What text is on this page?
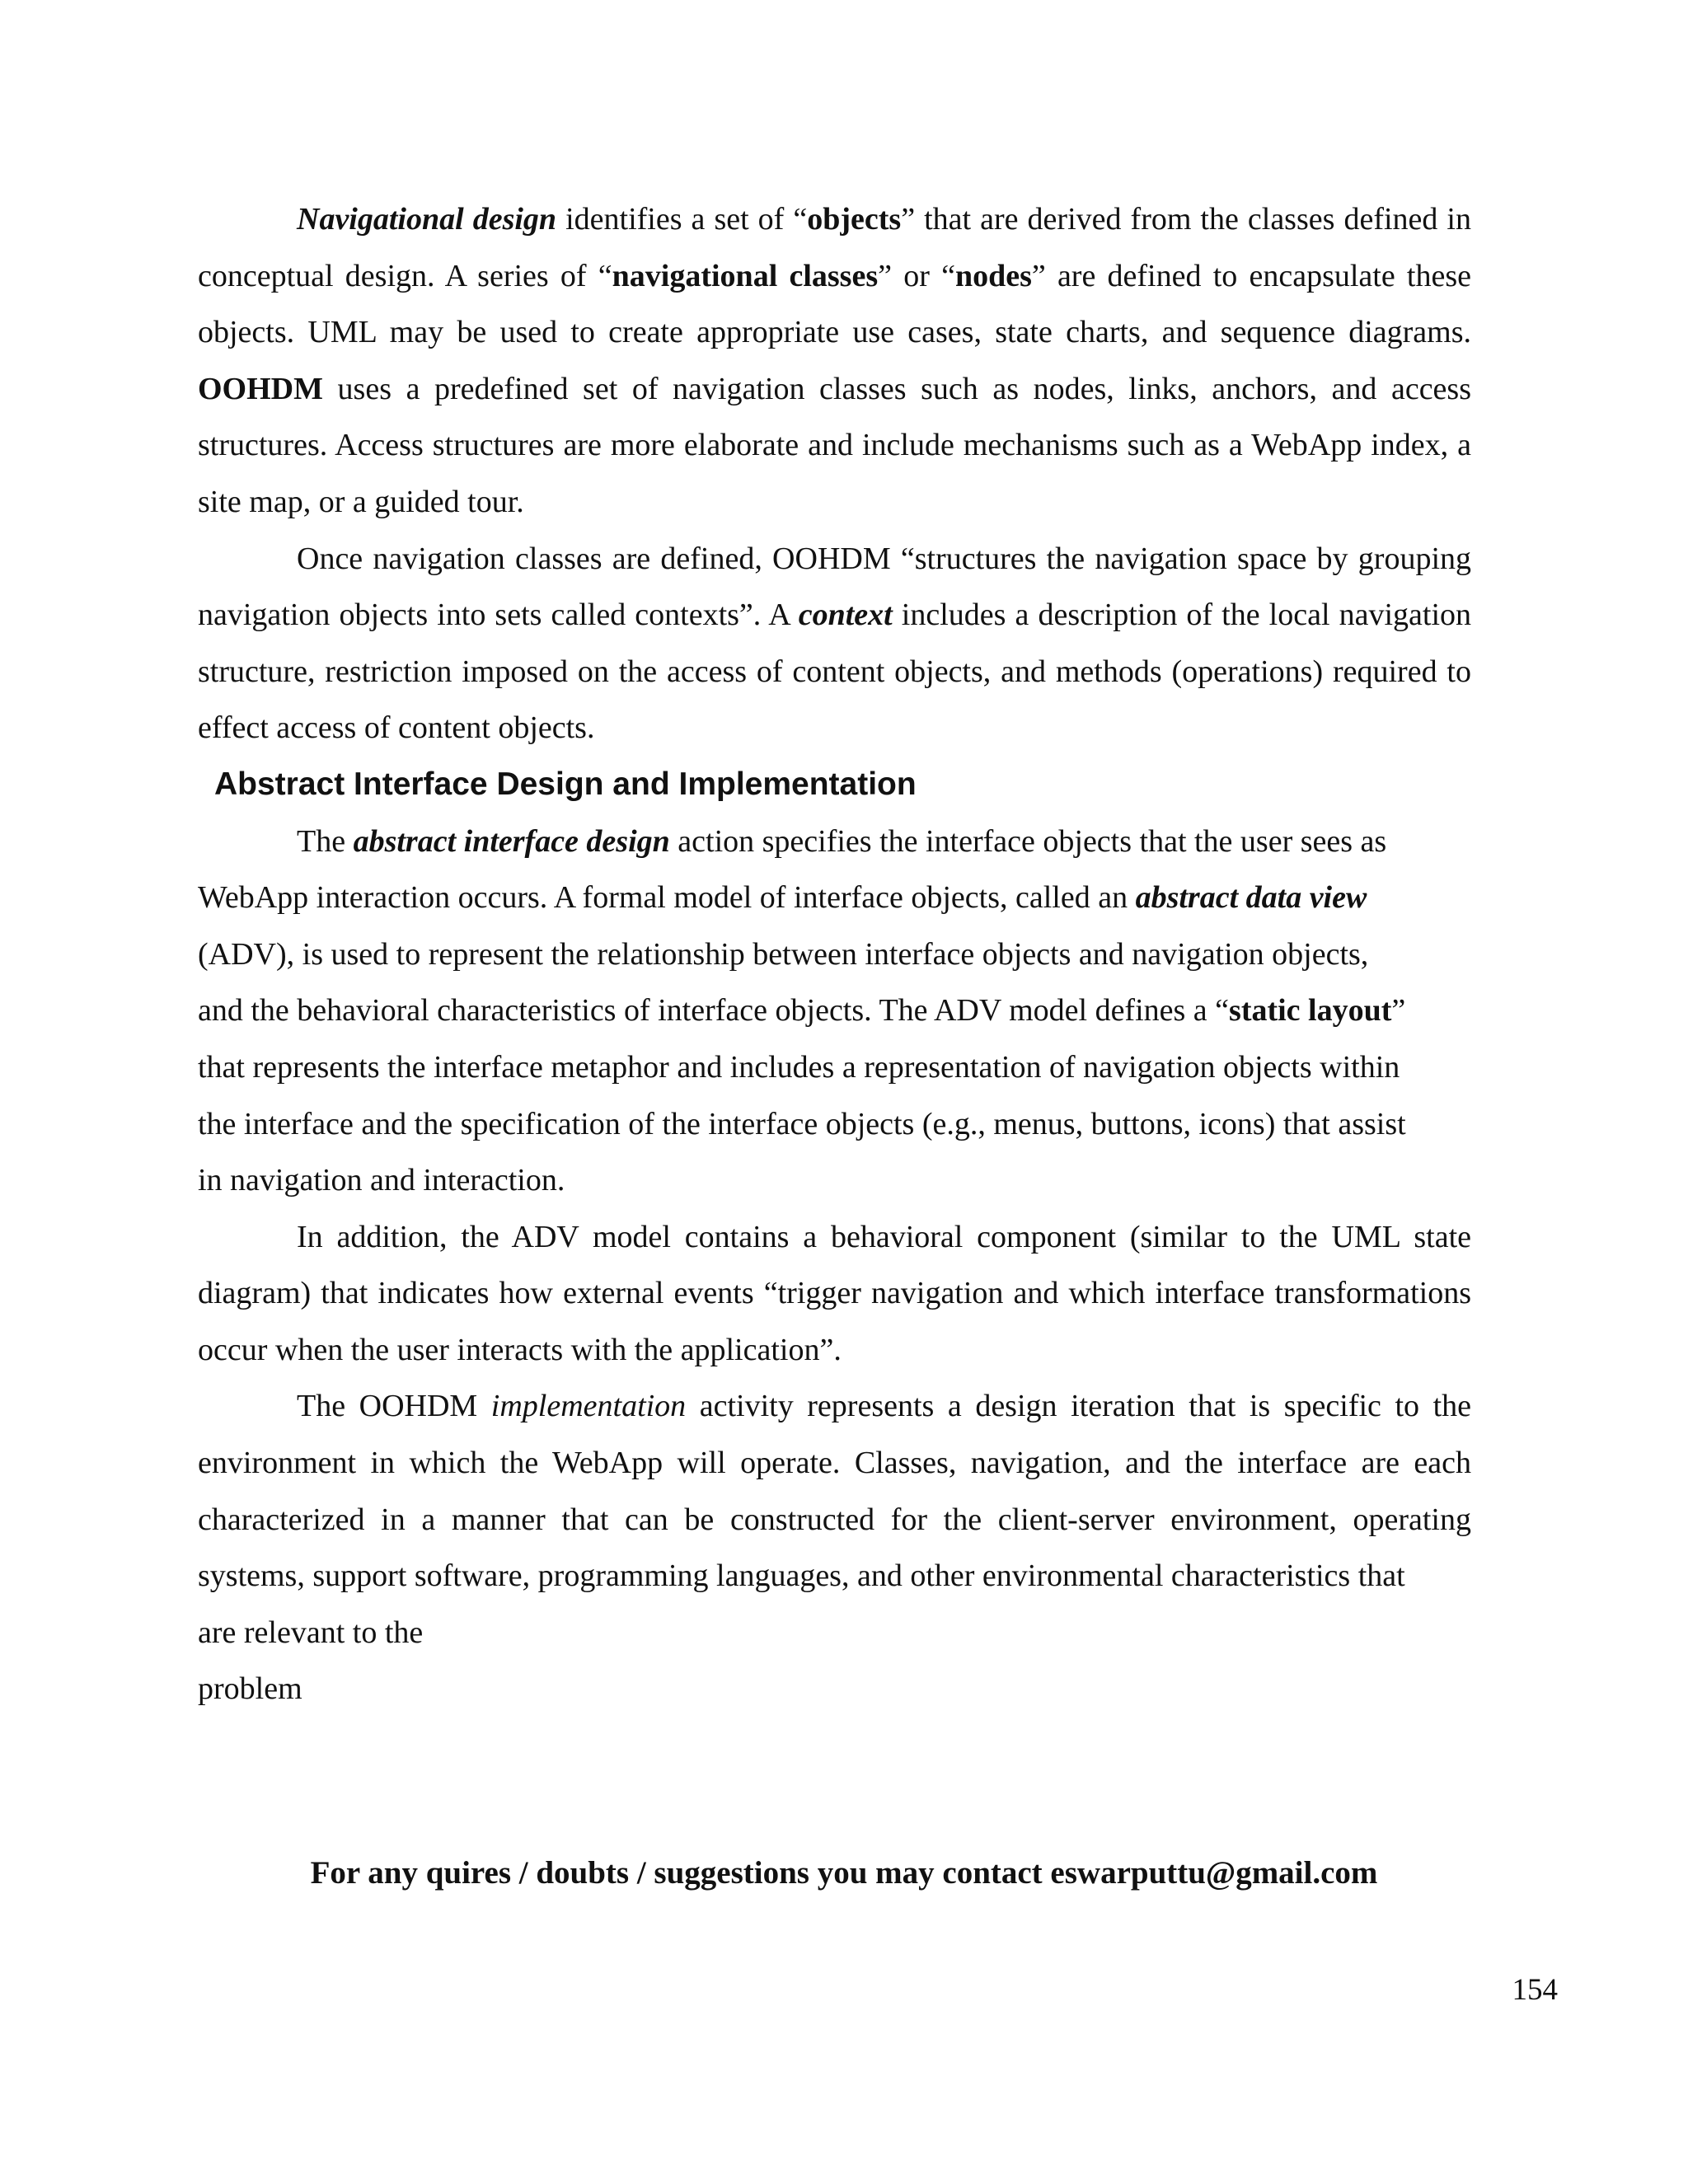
Navigational design identifies a set of “objects” that are derived from the classes defined in conceptual design. A series of “navigational classes” or “nodes” are defined to encapsulate these objects. UML may be used to create appropriate use cases, state charts, and sequence diagrams. OOHDM uses a predefined set of navigation classes such as nodes, links, anchors, and access structures. Access structures are more elaborate and include mechanisms such as a WebApp index, a site map, or a guided tour.

Once navigation classes are defined, OOHDM “structures the navigation space by grouping navigation objects into sets called contexts”. A context includes a description of the local navigation structure, restriction imposed on the access of content objects, and methods (operations) required to effect access of content objects.

Abstract Interface Design and Implementation

The abstract interface design action specifies the interface objects that the user sees as
WebApp interaction occurs. A formal model of interface objects, called an abstract data view
(ADV), is used to represent the relationship between interface objects and navigation objects,
and the behavioral characteristics of interface objects. The ADV model defines a “static layout”
that represents the interface metaphor and includes a representation of navigation objects within
the interface and the specification of the interface objects (e.g., menus, buttons, icons) that assist
in navigation and interaction.

In addition, the ADV model contains a behavioral component (similar to the UML state diagram) that indicates how external events “trigger navigation and which interface transformations occur when the user interacts with the application”.

The OOHDM implementation activity represents a design iteration that is specific to the environment in which the WebApp will operate. Classes, navigation, and the interface are each characterized in a manner that can be constructed for the client-server environment, operating systems, support software, programming languages, and other environmental characteristics that
are relevant to the
problem

For any quires / doubts / suggestions you may contact eswarputtu@gmail.com
154
